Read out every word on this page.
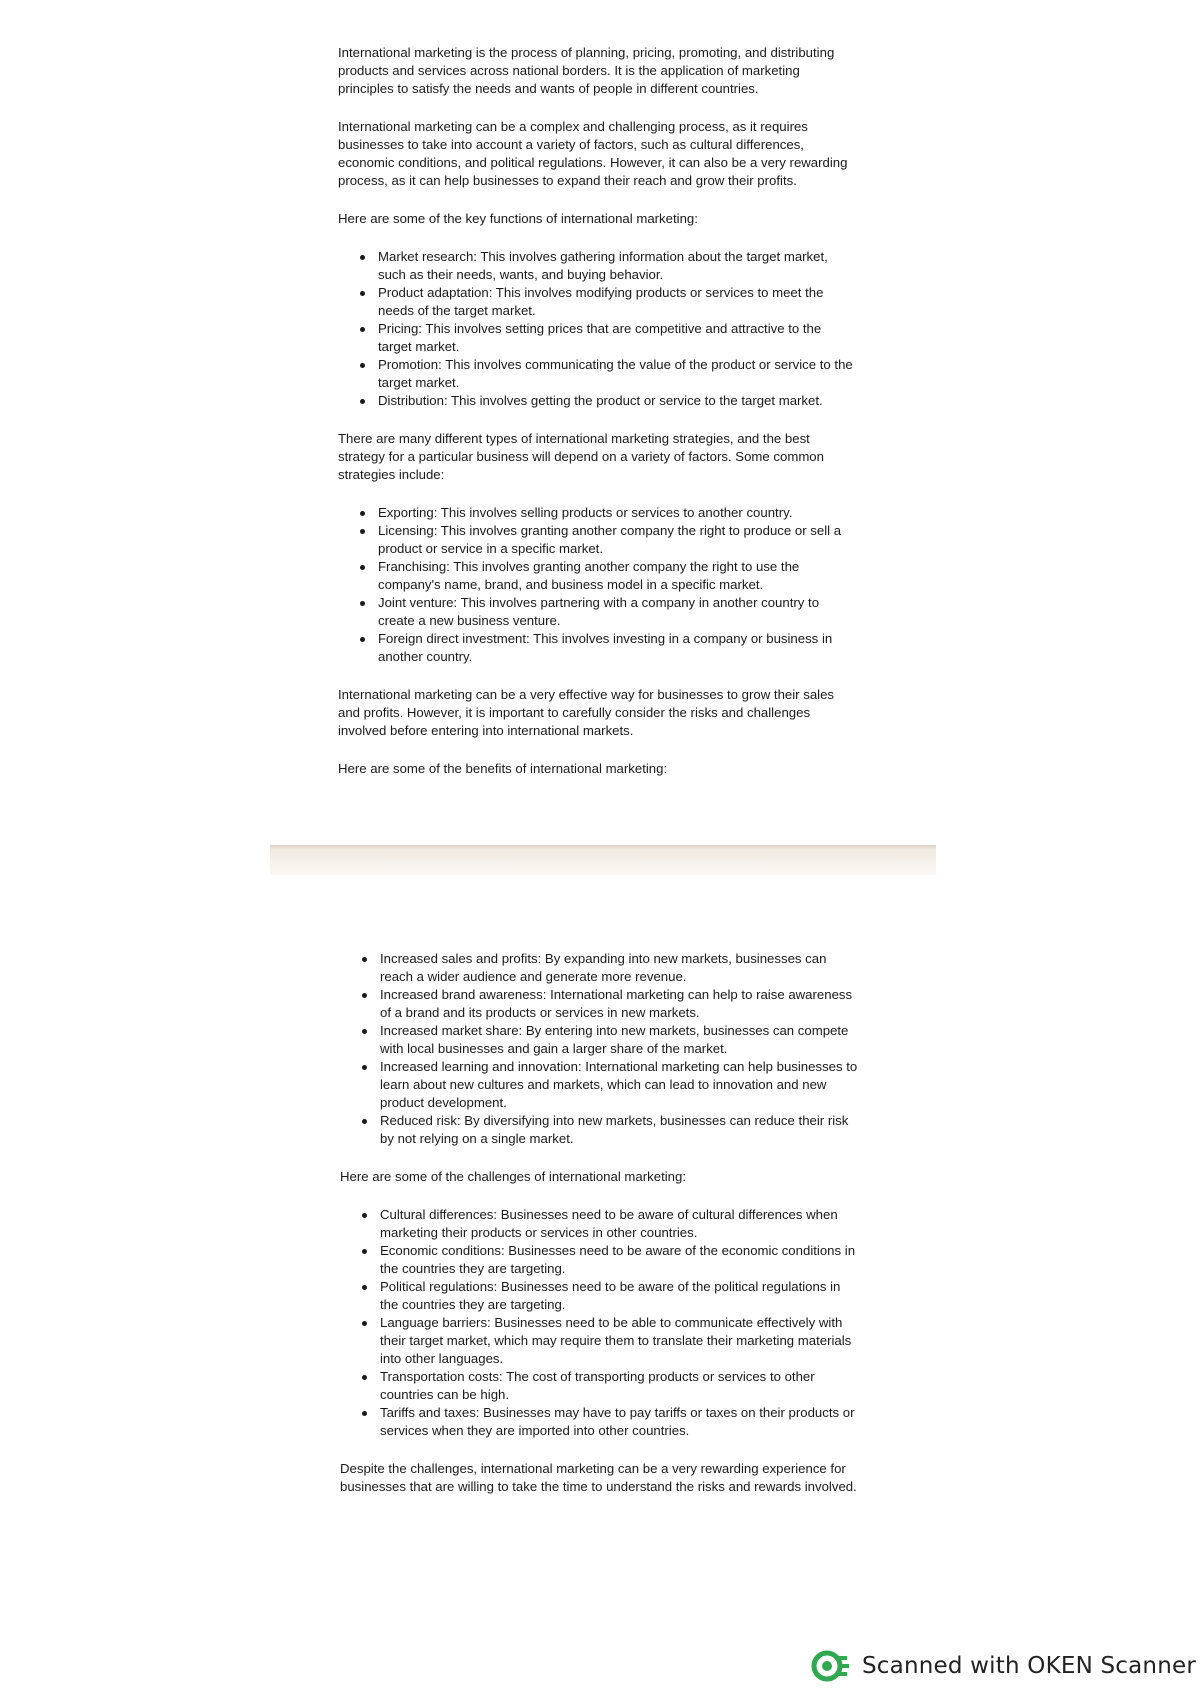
International marketing is the process of planning, pricing, promoting, and distributing products and services across national borders. It is the application of marketing principles to satisfy the needs and wants of people in different countries.

International marketing can be a complex and challenging process, as it requires businesses to take into account a variety of factors, such as cultural differences, economic conditions, and political regulations. However, it can also be a very rewarding process, as it can help businesses to expand their reach and grow their profits.

Here are some of the key functions of international marketing:

Market research: This involves gathering information about the target market, such as their needs, wants, and buying behavior.
Product adaptation: This involves modifying products or services to meet the needs of the target market.
Pricing: This involves setting prices that are competitive and attractive to the target market.
Promotion: This involves communicating the value of the product or service to the target market.
Distribution: This involves getting the product or service to the target market.

There are many different types of international marketing strategies, and the best strategy for a particular business will depend on a variety of factors. Some common strategies include:

Exporting: This involves selling products or services to another country.
Licensing: This involves granting another company the right to produce or sell a product or service in a specific market.
Franchising: This involves granting another company the right to use the company's name, brand, and business model in a specific market.
Joint venture: This involves partnering with a company in another country to create a new business venture.
Foreign direct investment: This involves investing in a company or business in another country.

International marketing can be a very effective way for businesses to grow their sales and profits. However, it is important to carefully consider the risks and challenges involved before entering into international markets.

Here are some of the benefits of international marketing:

Increased sales and profits: By expanding into new markets, businesses can reach a wider audience and generate more revenue.
Increased brand awareness: International marketing can help to raise awareness of a brand and its products or services in new markets.
Increased market share: By entering into new markets, businesses can compete with local businesses and gain a larger share of the market.
Increased learning and innovation: International marketing can help businesses to learn about new cultures and markets, which can lead to innovation and new product development.
Reduced risk: By diversifying into new markets, businesses can reduce their risk by not relying on a single market.

Here are some of the challenges of international marketing:

Cultural differences: Businesses need to be aware of cultural differences when marketing their products or services in other countries.
Economic conditions: Businesses need to be aware of the economic conditions in the countries they are targeting.
Political regulations: Businesses need to be aware of the political regulations in the countries they are targeting.
Language barriers: Businesses need to be able to communicate effectively with their target market, which may require them to translate their marketing materials into other languages.
Transportation costs: The cost of transporting products or services to other countries can be high.
Tariffs and taxes: Businesses may have to pay tariffs or taxes on their products or services when they are imported into other countries.

Despite the challenges, international marketing can be a very rewarding experience for businesses that are willing to take the time to understand the risks and rewards involved.

Scanned with OKEN Scanner
